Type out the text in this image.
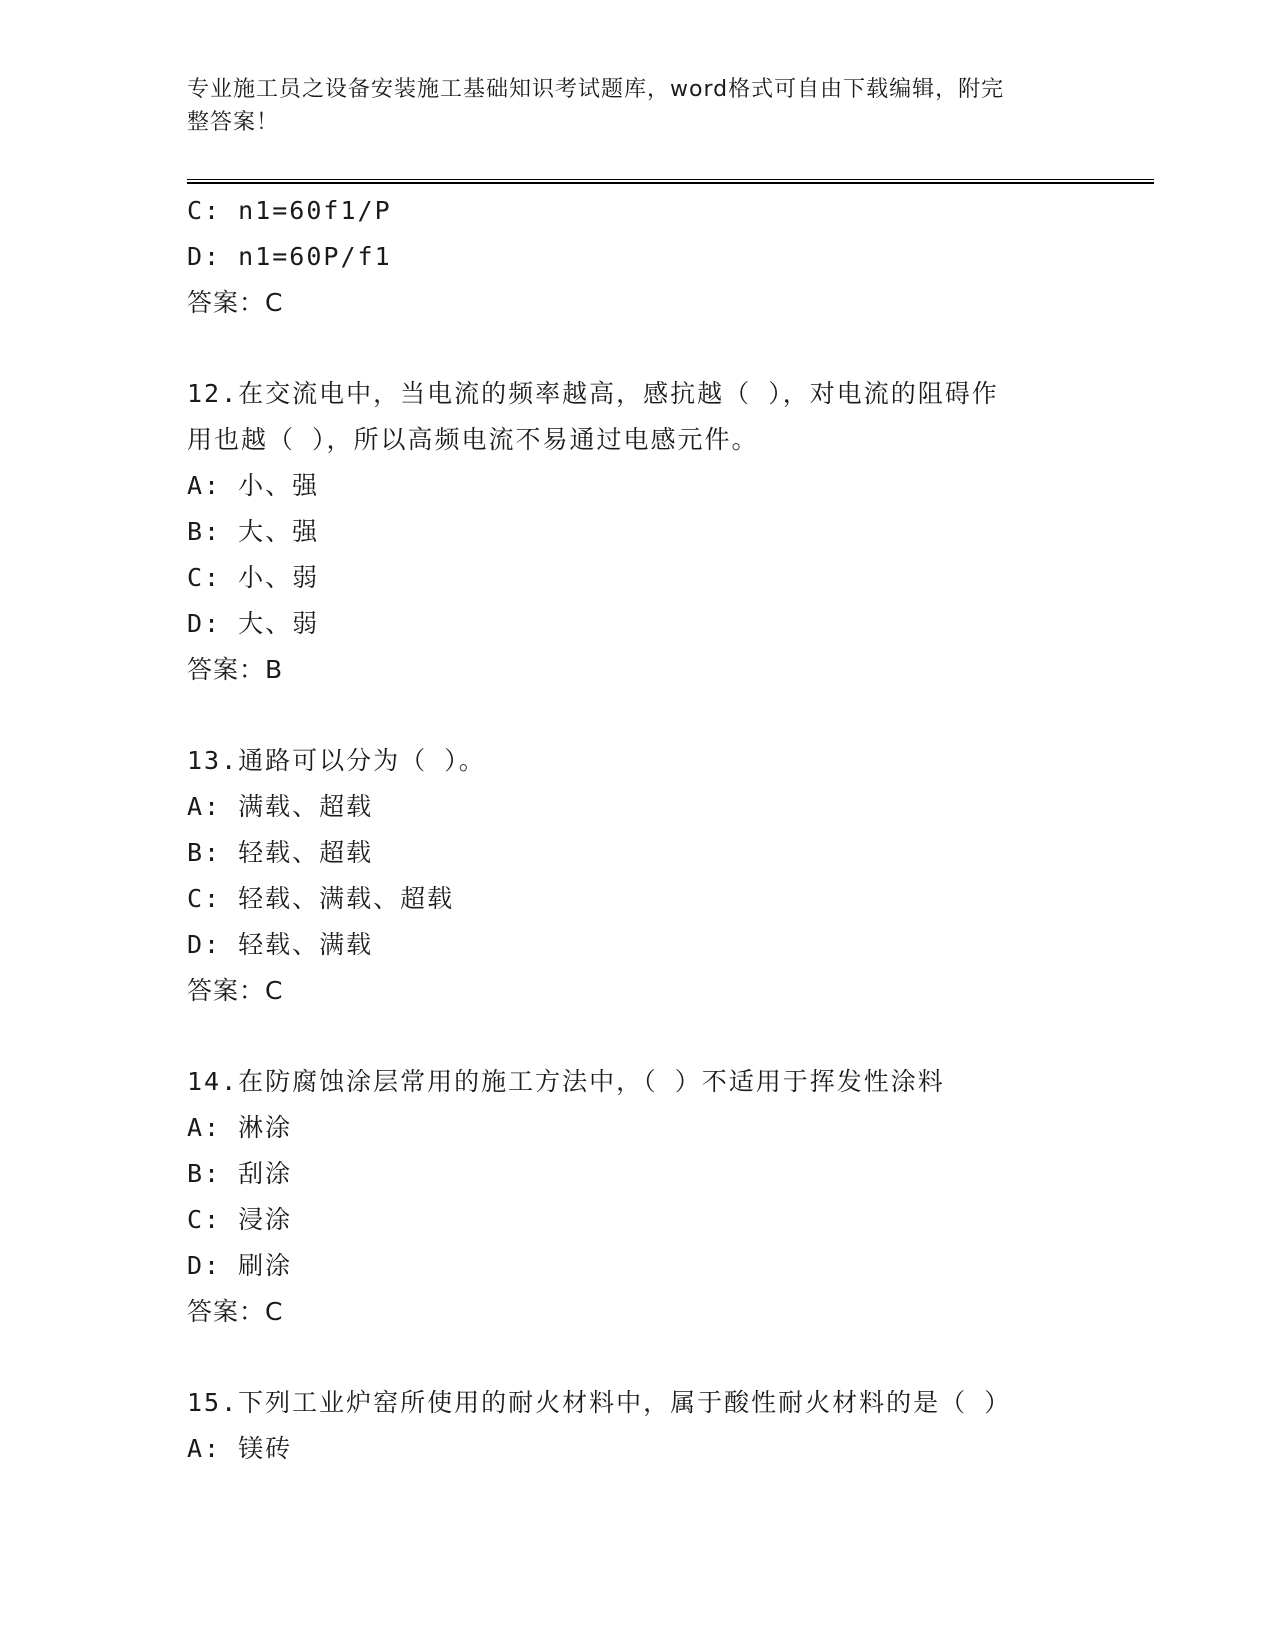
专业施工员之设备安装施工基础知识考试题库，word格式可自由下载编辑，附完
整答案！
C: n1=60f1/P
D: n1=60P/f1
答案：C
12.在交流电中，当电流的频率越高，感抗越（ ），对电流的阻碍作
用也越（ ），所以高频电流不易通过电感元件。
A: 小、强
B: 大、强
C: 小、弱
D: 大、弱
答案：B
13.通路可以分为（ ）。
A: 满载、超载
B: 轻载、超载
C: 轻载、满载、超载
D: 轻载、满载
答案：C
14.在防腐蚀涂层常用的施工方法中，（ ）不适用于挥发性涂料
A: 淋涂
B: 刮涂
C: 浸涂
D: 刷涂
答案：C
15.下列工业炉窑所使用的耐火材料中，属于酸性耐火材料的是（ ）
A: 镁砖
